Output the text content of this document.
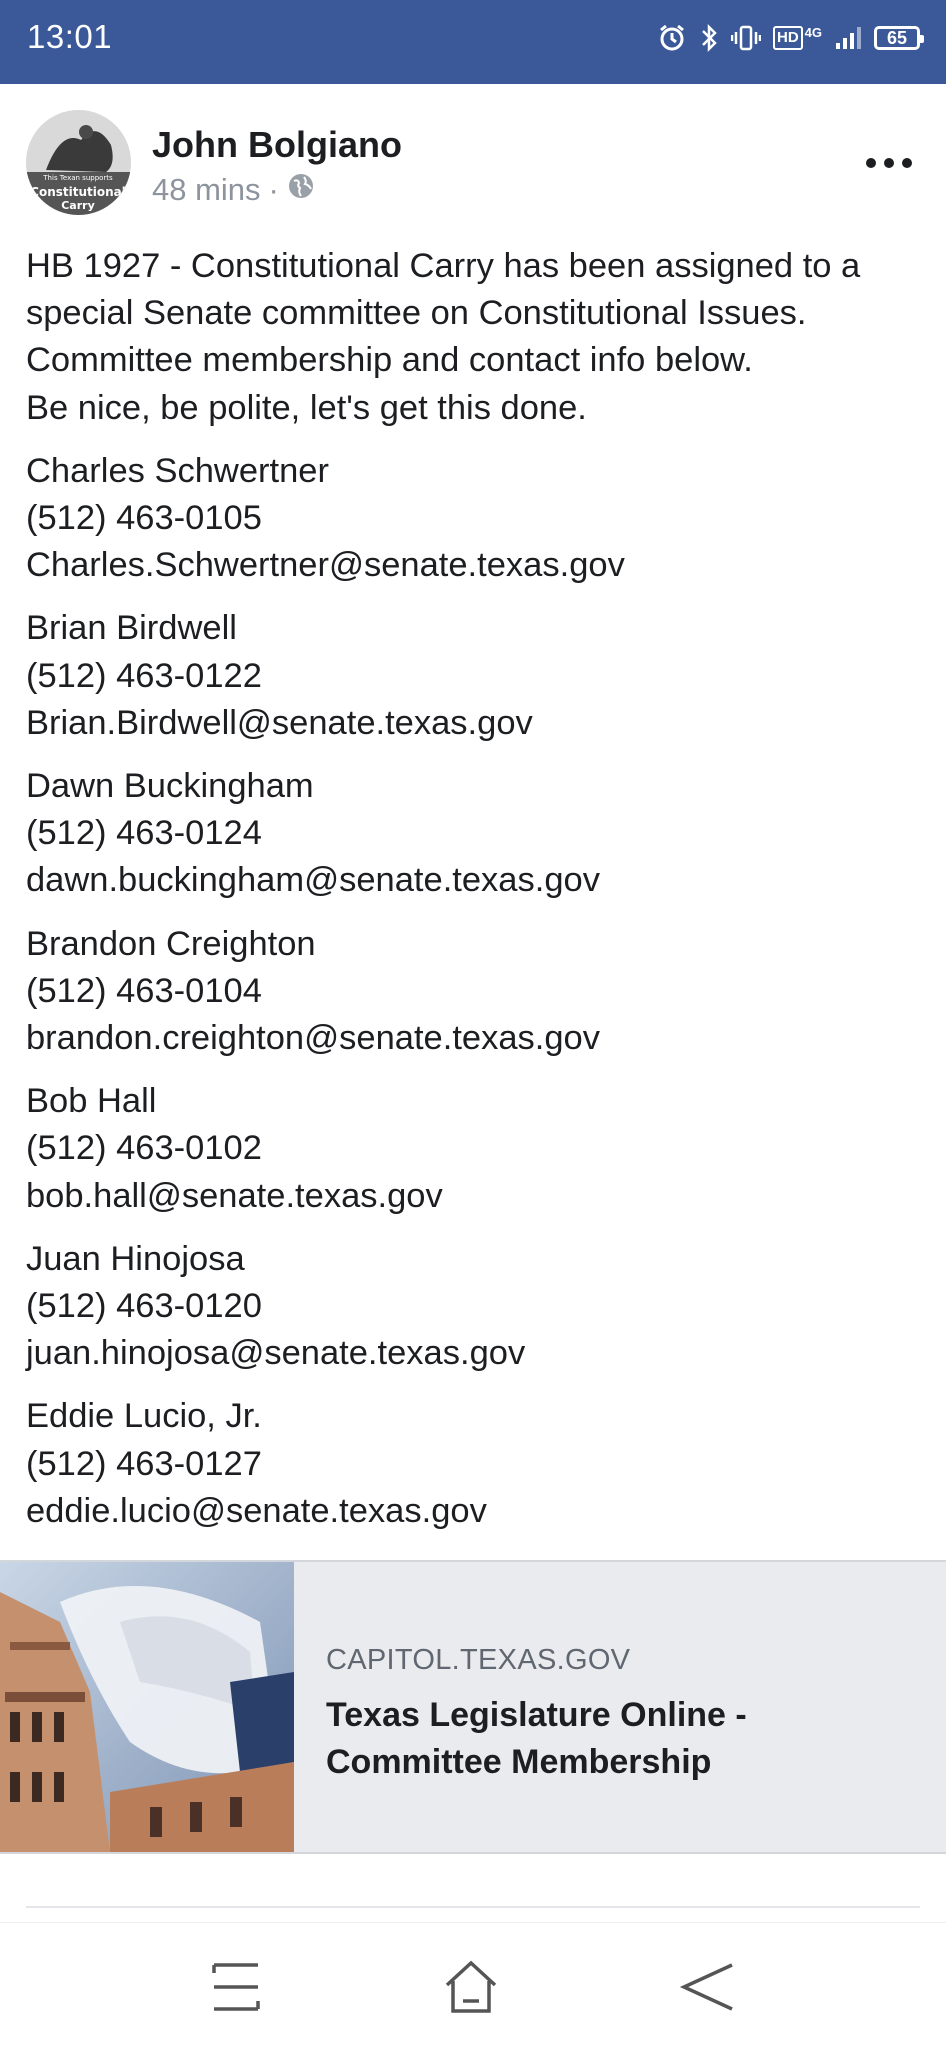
13:01	HD 4G	65
This Texan supports
Constitutional
Carry
John Bolgiano
48 mins ·

HB 1927 - Constitutional Carry has been assigned to a

special Senate committee on Constitutional Issues.

Committee membership and contact info below.

Be nice, be polite, let's get this done.

Charles Schwertner

(512) 463-0105

Charles.Schwertner@senate.texas.gov

Brian Birdwell

(512) 463-0122

Brian.Birdwell@senate.texas.gov

Dawn Buckingham

(512) 463-0124

dawn.buckingham@senate.texas.gov

Brandon Creighton

(512) 463-0104

brandon.creighton@senate.texas.gov

Bob Hall

(512) 463-0102

bob.hall@senate.texas.gov

Juan Hinojosa

(512) 463-0120

juan.hinojosa@senate.texas.gov

Eddie Lucio, Jr.

(512) 463-0127

eddie.lucio@senate.texas.gov

CAPITOL.TEXAS.GOV
Texas Legislature Online -
Committee Membership
